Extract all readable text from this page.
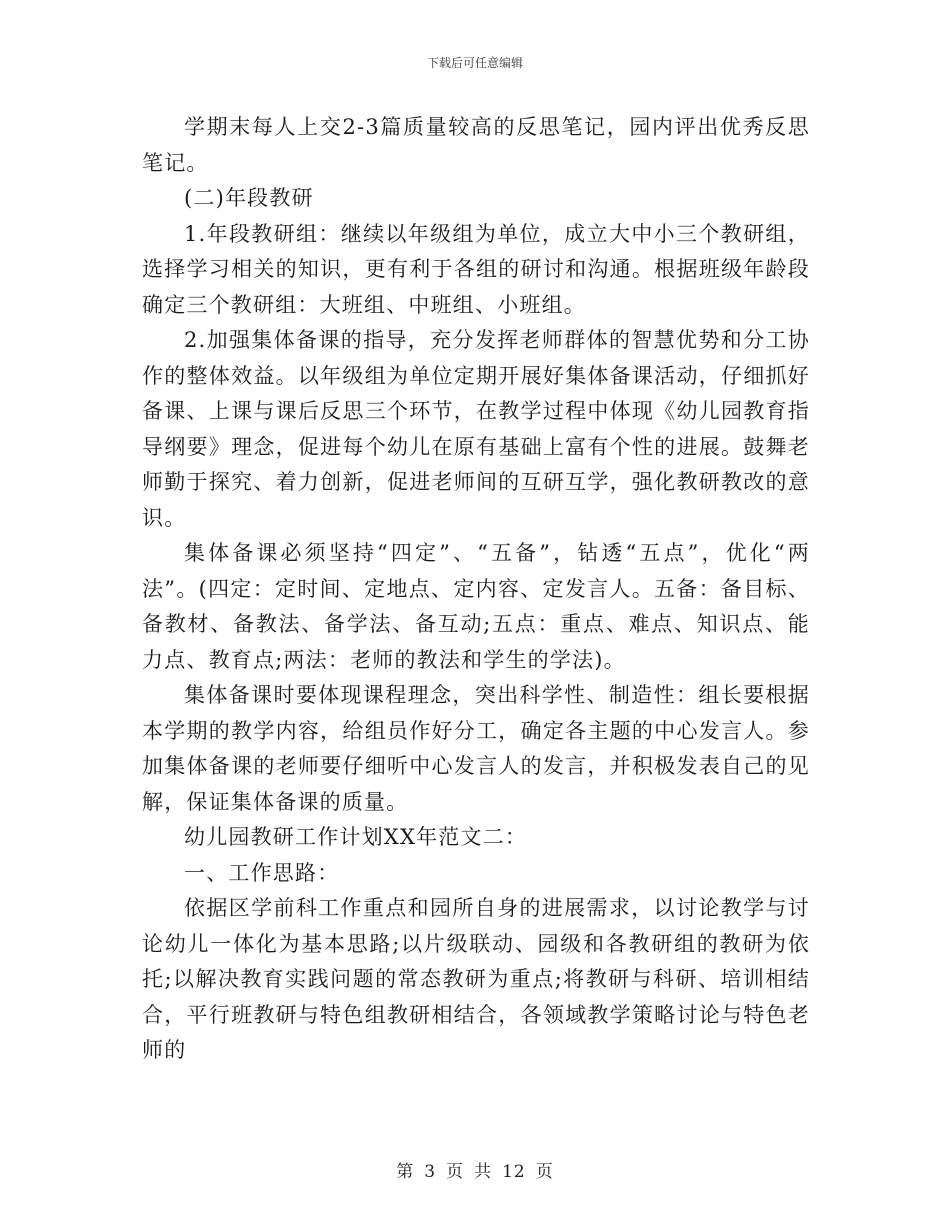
下载后可任意编辑

学期末每人上交2-3篇质量较高的反思笔记，园内评出优秀反思笔记。

(二)年段教研

1.年段教研组：继续以年级组为单位，成立大中小三个教研组，选择学习相关的知识，更有利于各组的研讨和沟通。根据班级年龄段确定三个教研组：大班组、中班组、小班组。

2.加强集体备课的指导，充分发挥老师群体的智慧优势和分工协作的整体效益。以年级组为单位定期开展好集体备课活动，仔细抓好备课、上课与课后反思三个环节，在教学过程中体现《幼儿园教育指导纲要》理念，促进每个幼儿在原有基础上富有个性的进展。鼓舞老师勤于探究、着力创新，促进老师间的互研互学，强化教研教改的意识。

集体备课必须坚持“四定”、“五备”，钻透“五点”，优化“两法”。(四定：定时间、定地点、定内容、定发言人。五备：备目标、备教材、备教法、备学法、备互动;五点：重点、难点、知识点、能力点、教育点;两法：老师的教法和学生的学法)。

集体备课时要体现课程理念，突出科学性、制造性：组长要根据本学期的教学内容，给组员作好分工，确定各主题的中心发言人。参加集体备课的老师要仔细听中心发言人的发言，并积极发表自己的见解，保证集体备课的质量。

幼儿园教研工作计划XX年范文二：

一、工作思路：

依据区学前科工作重点和园所自身的进展需求，以讨论教学与讨论幼儿一体化为基本思路;以片级联动、园级和各教研组的教研为依托;以解决教育实践问题的常态教研为重点;将教研与科研、培训相结合，平行班教研与特色组教研相结合，各领域教学策略讨论与特色老师的

第 3 页 共 12 页
